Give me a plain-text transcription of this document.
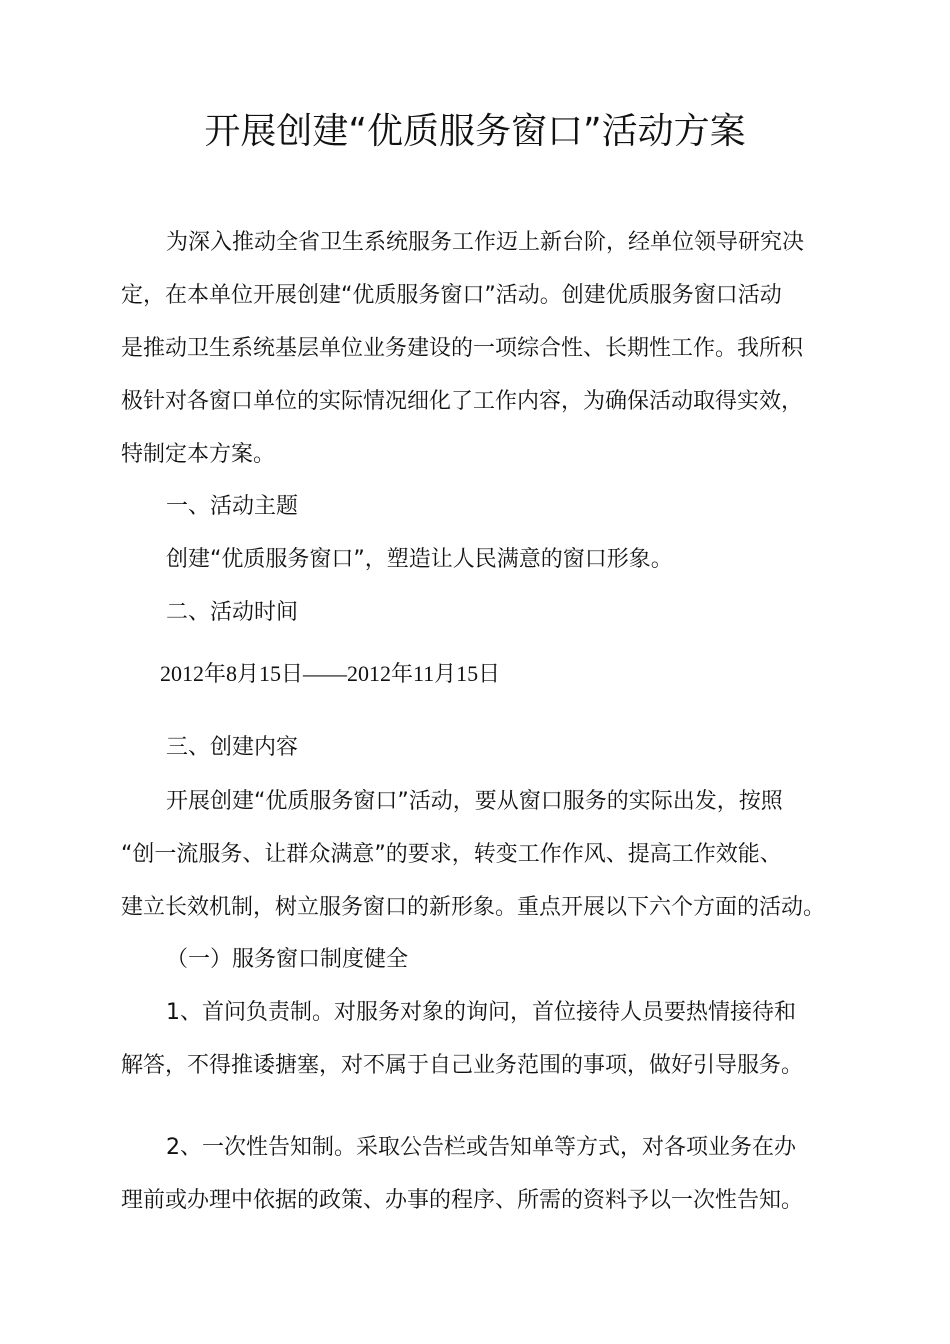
开展创建“优质服务窗口”活动方案
为深入推动全省卫生系统服务工作迈上新台阶，经单位领导研究决
定，在本单位开展创建“优质服务窗口”活动。创建优质服务窗口活动
是推动卫生系统基层单位业务建设的一项综合性、长期性工作。我所积
极针对各窗口单位的实际情况细化了工作内容，为确保活动取得实效，
特制定本方案。
一、活动主题
创建“优质服务窗口”，塑造让人民满意的窗口形象。
二、活动时间
2012年8月15日——2012年11月15日
三、创建内容
开展创建“优质服务窗口”活动，要从窗口服务的实际出发，按照
“创一流服务、让群众满意”的要求，转变工作作风、提高工作效能、
建立长效机制，树立服务窗口的新形象。重点开展以下六个方面的活动。
（一）服务窗口制度健全
1、首问负责制。对服务对象的询问，首位接待人员要热情接待和
解答，不得推诿搪塞，对不属于自己业务范围的事项，做好引导服务。
2、一次性告知制。采取公告栏或告知单等方式，对各项业务在办
理前或办理中依据的政策、办事的程序、所需的资料予以一次性告知。
